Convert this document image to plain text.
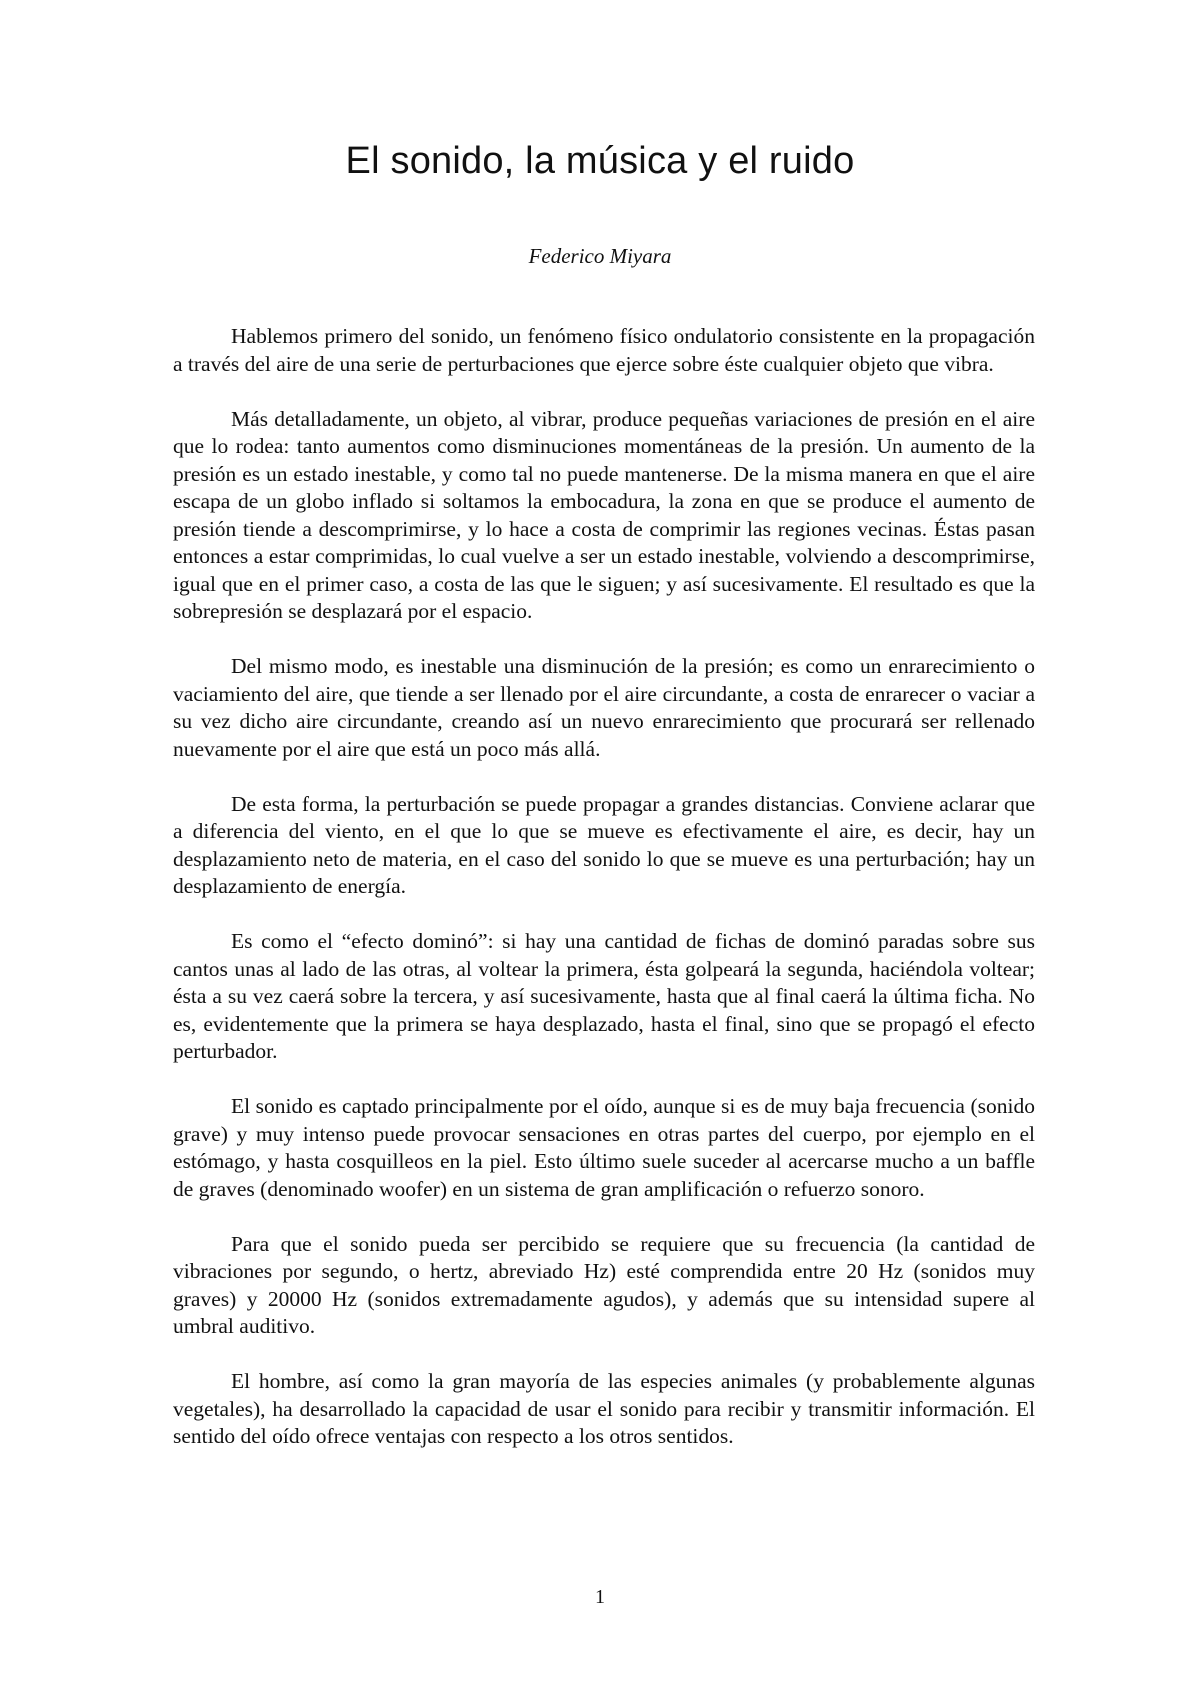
El sonido, la música y el ruido

Federico Miyara

Hablemos primero del sonido, un fenómeno físico ondulatorio consistente en la propagación a través del aire de una serie de perturbaciones que ejerce sobre éste cualquier objeto que vibra.

Más detalladamente, un objeto, al vibrar, produce pequeñas variaciones de presión en el aire que lo rodea: tanto aumentos como disminuciones momentáneas de la presión. Un aumento de la presión es un estado inestable, y como tal no puede mantenerse. De la misma manera en que el aire escapa de un globo inflado si soltamos la embocadura, la zona en que se produce el aumento de presión tiende a descomprimirse, y lo hace a costa de comprimir las regiones vecinas. Éstas pasan entonces a estar comprimidas, lo cual vuelve a ser un estado inestable, volviendo a descomprimirse, igual que en el primer caso, a costa de las que le siguen; y así sucesivamente. El resultado es que la sobrepresión se desplazará por el espacio.

Del mismo modo, es inestable una disminución de la presión; es como un enrarecimiento o vaciamiento del aire, que tiende a ser llenado por el aire circundante, a costa de enrarecer o vaciar a su vez dicho aire circundante, creando así un nuevo enrarecimiento que procurará ser rellenado nuevamente por el aire que está un poco más allá.

De esta forma, la perturbación se puede propagar a grandes distancias. Conviene aclarar que a diferencia del viento, en el que lo que se mueve es efectivamente el aire, es decir, hay un desplazamiento neto de materia, en el caso del sonido lo que se mueve es una perturbación; hay un desplazamiento de energía.

Es como el “efecto dominó”: si hay una cantidad de fichas de dominó paradas sobre sus cantos unas al lado de las otras, al voltear la primera, ésta golpeará la segunda, haciéndola voltear; ésta a su vez caerá sobre la tercera, y así sucesivamente, hasta que al final caerá la última ficha. No es, evidentemente que la primera se haya desplazado, hasta el final, sino que se propagó el efecto perturbador.

El sonido es captado principalmente por el oído, aunque si es de muy baja frecuencia (sonido grave) y muy intenso puede provocar sensaciones en otras partes del cuerpo, por ejemplo en el estómago, y hasta cosquilleos en la piel. Esto último suele suceder al acercarse mucho a un baffle de graves (denominado woofer) en un sistema de gran amplificación o refuerzo sonoro.

Para que el sonido pueda ser percibido se requiere que su frecuencia (la cantidad de vibraciones por segundo, o hertz, abreviado Hz) esté comprendida entre 20 Hz (sonidos muy graves) y 20000 Hz (sonidos extremadamente agudos), y además que su intensidad supere al umbral auditivo.

El hombre, así como la gran mayoría de las especies animales (y probablemente algunas vegetales), ha desarrollado la capacidad de usar el sonido para recibir y transmitir información. El sentido del oído ofrece ventajas con respecto a los otros sentidos.

1
